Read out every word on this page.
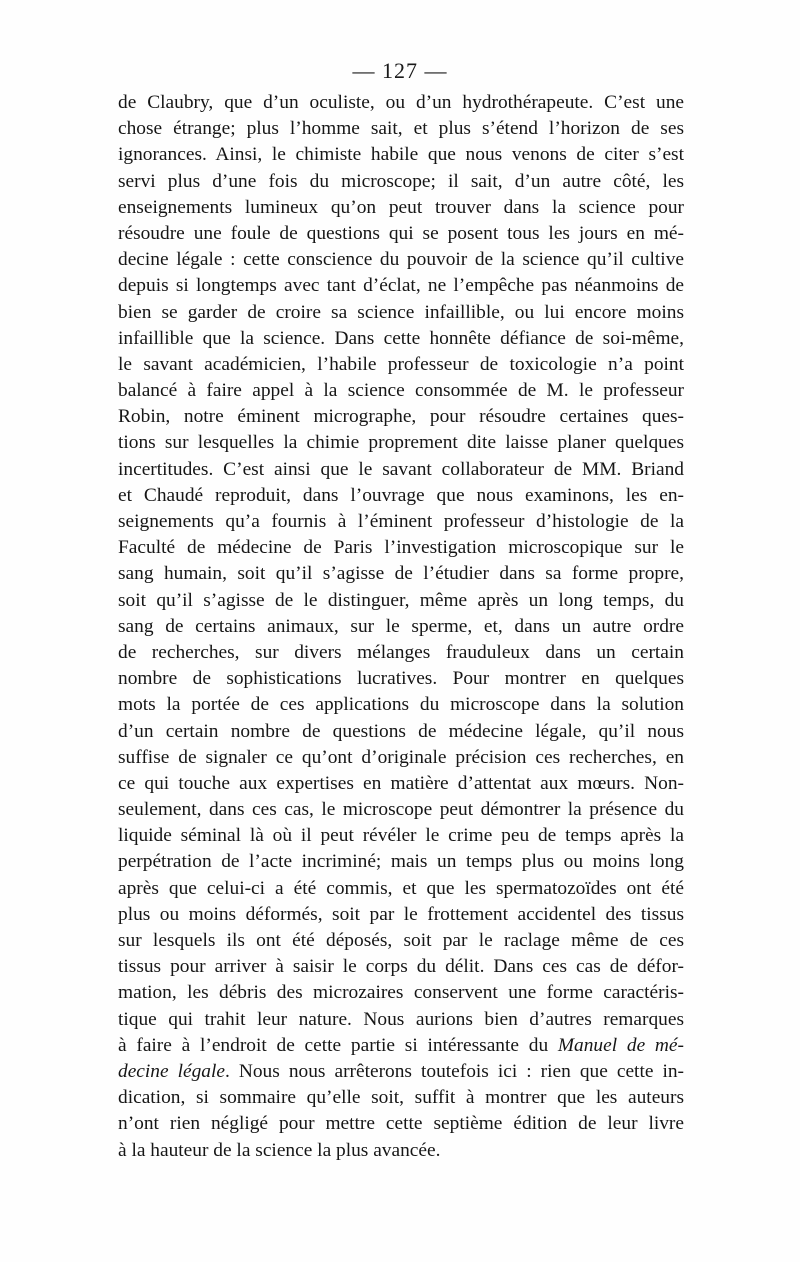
— 127 —
de Claubry, que d’un oculiste, ou d’un hydrothérapeute. C’est une
chose étrange; plus l’homme sait, et plus s’étend l’horizon de ses
ignorances. Ainsi, le chimiste habile que nous venons de citer s’est
servi plus d’une fois du microscope; il sait, d’un autre côté, les
enseignements lumineux qu’on peut trouver dans la science pour
résoudre une foule de questions qui se posent tous les jours en mé-
decine légale : cette conscience du pouvoir de la science qu’il cultive
depuis si longtemps avec tant d’éclat, ne l’empêche pas néanmoins de
bien se garder de croire sa science infaillible, ou lui encore moins
infaillible que la science. Dans cette honnête défiance de soi-même,
le savant académicien, l’habile professeur de toxicologie n’a point
balancé à faire appel à la science consommée de M. le professeur
Robin, notre éminent micrographe, pour résoudre certaines ques-
tions sur lesquelles la chimie proprement dite laisse planer quelques
incertitudes. C’est ainsi que le savant collaborateur de MM. Briand
et Chaudé reproduit, dans l’ouvrage que nous examinons, les en-
seignements qu’a fournis à l’éminent professeur d’histologie de la
Faculté de médecine de Paris l’investigation microscopique sur le
sang humain, soit qu’il s’agisse de l’étudier dans sa forme propre,
soit qu’il s’agisse de le distinguer, même après un long temps, du
sang de certains animaux, sur le sperme, et, dans un autre ordre
de recherches, sur divers mélanges frauduleux dans un certain
nombre de sophistications lucratives. Pour montrer en quelques
mots la portée de ces applications du microscope dans la solution
d’un certain nombre de questions de médecine légale, qu’il nous
suffise de signaler ce qu’ont d’originale précision ces recherches, en
ce qui touche aux expertises en matière d’attentat aux mœurs. Non-
seulement, dans ces cas, le microscope peut démontrer la présence du
liquide séminal là où il peut révéler le crime peu de temps après la
perpétration de l’acte incriminé; mais un temps plus ou moins long
après que celui-ci a été commis, et que les spermatozoïdes ont été
plus ou moins déformés, soit par le frottement accidentel des tissus
sur lesquels ils ont été déposés, soit par le raclage même de ces
tissus pour arriver à saisir le corps du délit. Dans ces cas de défor-
mation, les débris des microzaires conservent une forme caractéris-
tique qui trahit leur nature. Nous aurions bien d’autres remarques
à faire à l’endroit de cette partie si intéressante du Manuel de mé-
decine légale. Nous nous arrêterons toutefois ici : rien que cette in-
dication, si sommaire qu’elle soit, suffit à montrer que les auteurs
n’ont rien négligé pour mettre cette septième édition de leur livre
à la hauteur de la science la plus avancée.
